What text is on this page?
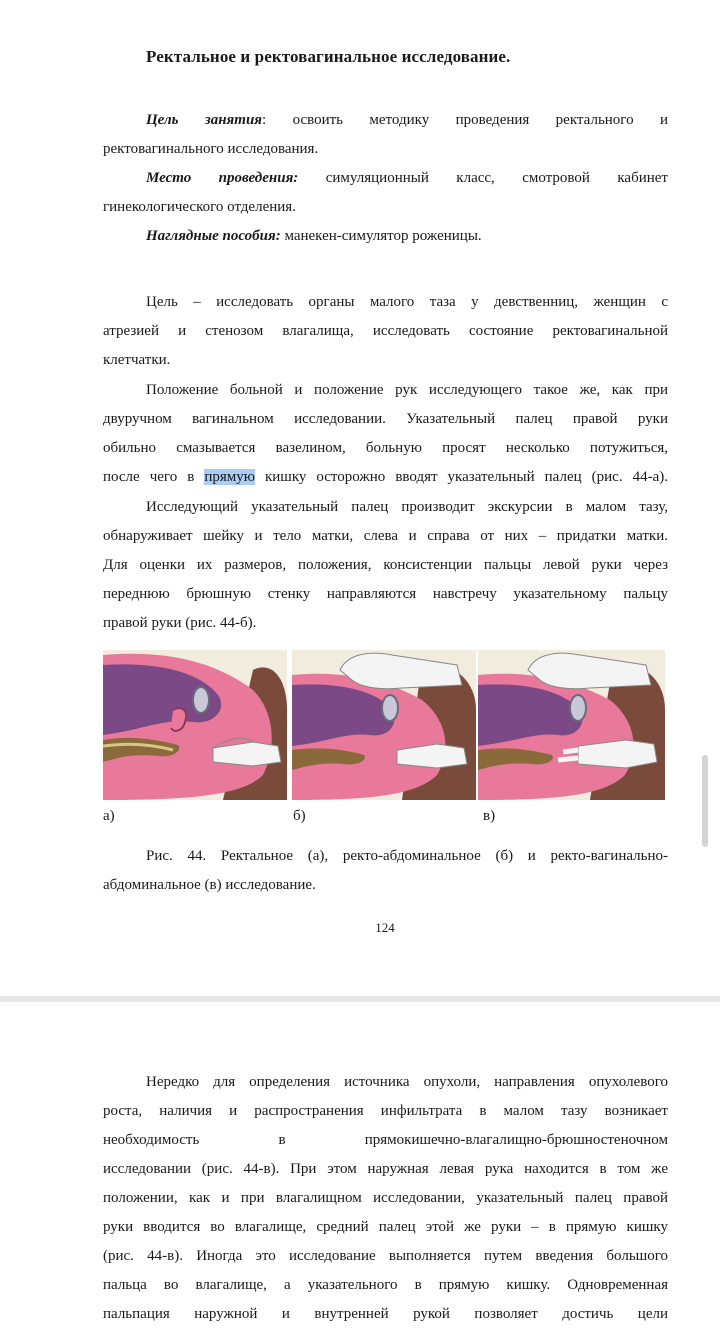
Ректальное и ректовагинальное исследование.
Цель занятия: освоить методику проведения ректального и
ректовагинального исследования.
Место проведения: симуляционный класс, смотровой кабинет
гинекологического отделения.
Наглядные пособия: манекен-симулятор роженицы.
Цель – исследовать органы малого таза у девственниц, женщин с
атрезией и стенозом влагалища, исследовать состояние ректовагинальной
клетчатки.
Положение больной и положение рук исследующего такое же, как при
двуручном вагинальном исследовании. Указательный палец правой руки
обильно смазывается вазелином, больную просят несколько потужиться,
после чего в прямую кишку осторожно вводят указательный палец (рис. 44-а).
Исследующий указательный палец производит экскурсии в малом тазу,
обнаруживает шейку и тело матки, слева и справа от них – придатки матки.
Для оценки их размеров, положения, консистенции пальцы левой руки через
переднюю брюшную стенку направляются навстречу указательному пальцу
правой руки (рис. 44-б).
а)	б)	в)
Рис. 44. Ректальное (а), ректо-абдоминальное (б) и ректо-вагинально-
абдоминальное (в) исследование.
124
Нередко для определения источника опухоли, направления опухолевого
роста, наличия и распространения инфильтрата в малом тазу возникает
необходимость в прямокишечно-влагалищно-брюшностеночном
исследовании (рис. 44-в). При этом наружная левая рука находится в том же
положении, как и при влагалищном исследовании, указательный палец правой
руки вводится во влагалище, средний палец этой же руки – в прямую кишку
(рис. 44-в). Иногда это исследование выполняется путем введения большого
пальца во влагалище, а указательного в прямую кишку. Одновременная
пальпация наружной и внутренней рукой позволяет достичь цели
